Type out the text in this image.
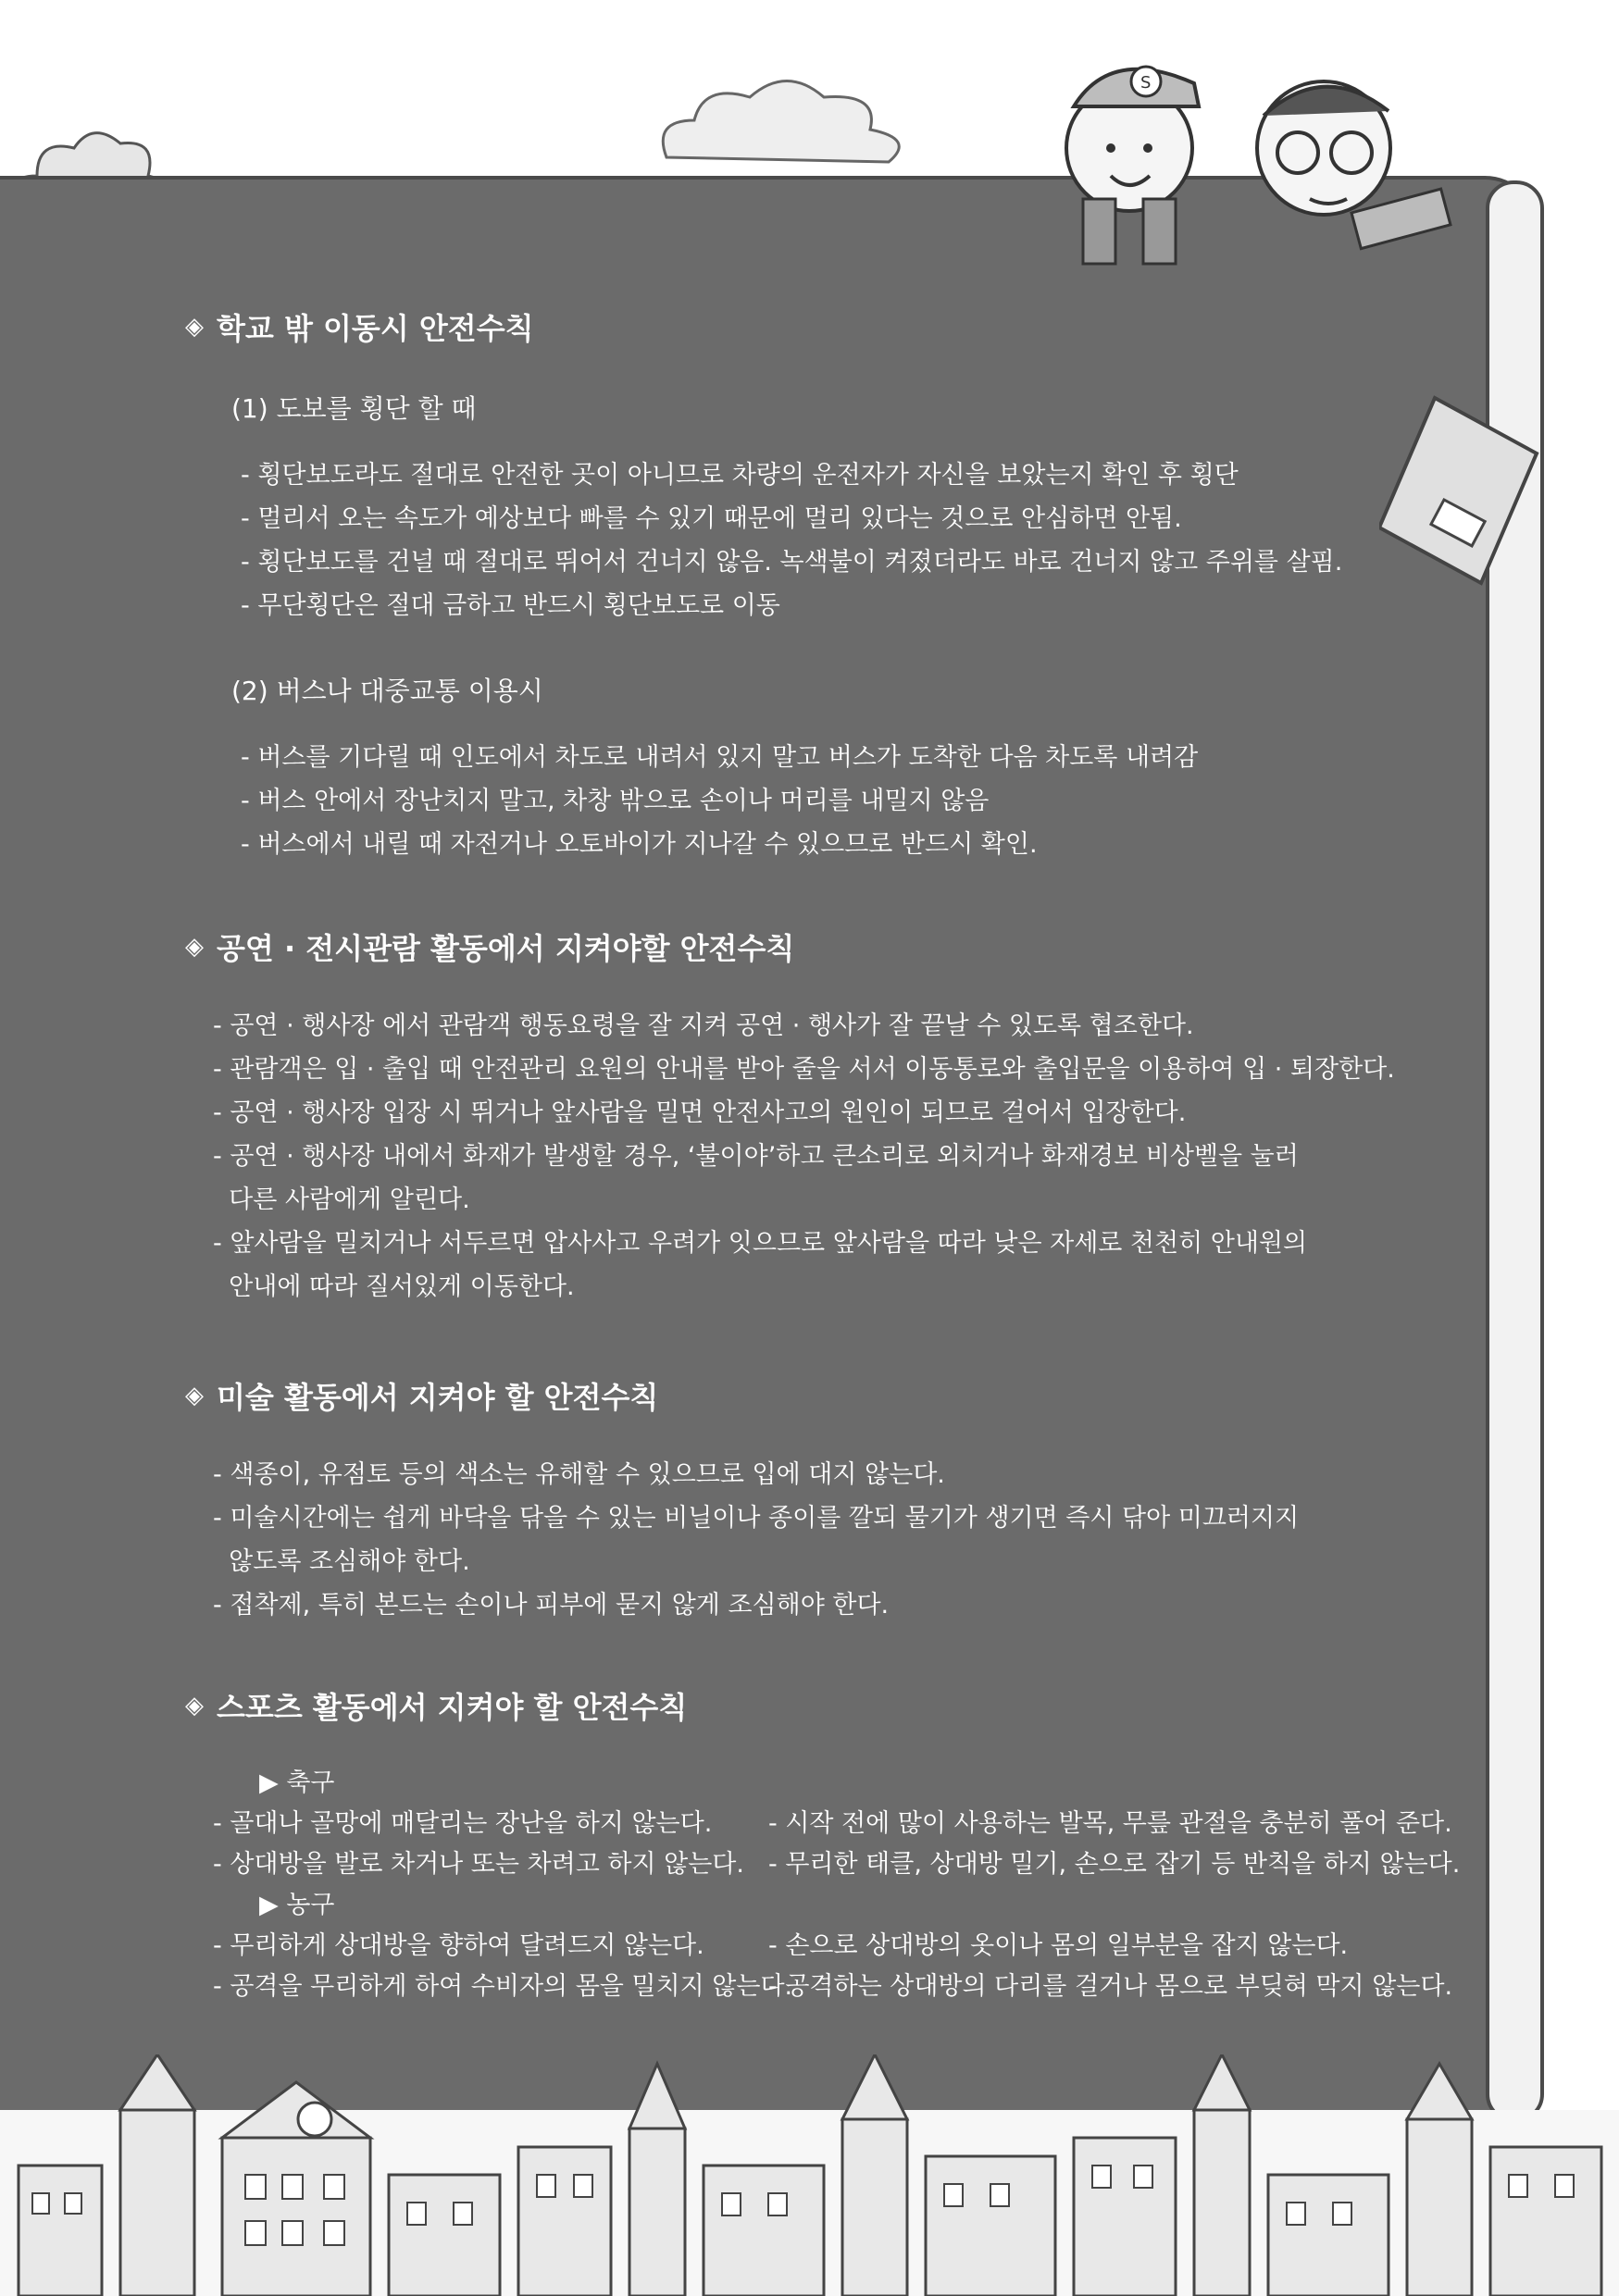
S
◈ 학교 밖 이동시 안전수칙
(1) 도보를 횡단 할 때
- 횡단보도라도 절대로 안전한 곳이 아니므로 차량의 운전자가 자신을 보았는지 확인 후 횡단
- 멀리서 오는 속도가 예상보다 빠를 수 있기 때문에 멀리 있다는 것으로 안심하면 안됨.
- 횡단보도를 건널 때 절대로 뛰어서 건너지 않음. 녹색불이 켜졌더라도 바로 건너지 않고 주위를 살핌.
- 무단횡단은 절대 금하고 반드시 횡단보도로 이동
(2) 버스나 대중교통 이용시
- 버스를 기다릴 때 인도에서 차도로 내려서 있지 말고 버스가 도착한 다음 차도록 내려감
- 버스 안에서 장난치지 말고, 차창 밖으로 손이나 머리를 내밀지 않음
- 버스에서 내릴 때 자전거나 오토바이가 지나갈 수 있으므로 반드시 확인.
◈ 공연 · 전시관람 활동에서 지켜야할 안전수칙
- 공연 · 행사장 에서 관람객 행동요령을 잘 지켜 공연 · 행사가 잘 끝날 수 있도록 협조한다.
- 관람객은 입 · 출입 때 안전관리 요원의 안내를 받아 줄을 서서 이동통로와 출입문을 이용하여 입 · 퇴장한다.
- 공연 · 행사장 입장 시 뛰거나 앞사람을 밀면 안전사고의 원인이 되므로 걸어서 입장한다.
- 공연 · 행사장 내에서 화재가 발생할 경우, ‘불이야’하고 큰소리로 외치거나 화재경보 비상벨을 눌러
다른 사람에게 알린다.
- 앞사람을 밀치거나 서두르면 압사사고 우려가 잇으므로 앞사람을 따라 낮은 자세로 천천히 안내원의
안내에 따라 질서있게 이동한다.
◈ 미술 활동에서 지켜야 할 안전수칙
- 색종이, 유점토 등의 색소는 유해할 수 있으므로 입에 대지 않는다.
- 미술시간에는 쉽게 바닥을 닦을 수 있는 비닐이나 종이를 깔되 물기가 생기면 즉시 닦아 미끄러지지
않도록 조심해야 한다.
- 접착제, 특히 본드는 손이나 피부에 묻지 않게 조심해야 한다.
◈ 스포츠 활동에서 지켜야 할 안전수칙
▶ 축구
- 골대나 골망에 매달리는 장난을 하지 않는다.	- 시작 전에 많이 사용하는 발목, 무릎 관절을 충분히 풀어 준다.
- 상대방을 발로 차거나 또는 차려고 하지 않는다. - 무리한 태클, 상대방 밀기, 손으로 잡기 등 반칙을 하지 않는다.
▶ 농구
- 무리하게 상대방을 향하여 달려드지 않는다.	- 손으로 상대방의 옷이나 몸의 일부분을 잡지 않는다.
- 공격을 무리하게 하여 수비자의 몸을 밀치지 않는다.
- 공격하는 상대방의 다리를 걸거나 몸으로 부딪혀 막지 않는다.
